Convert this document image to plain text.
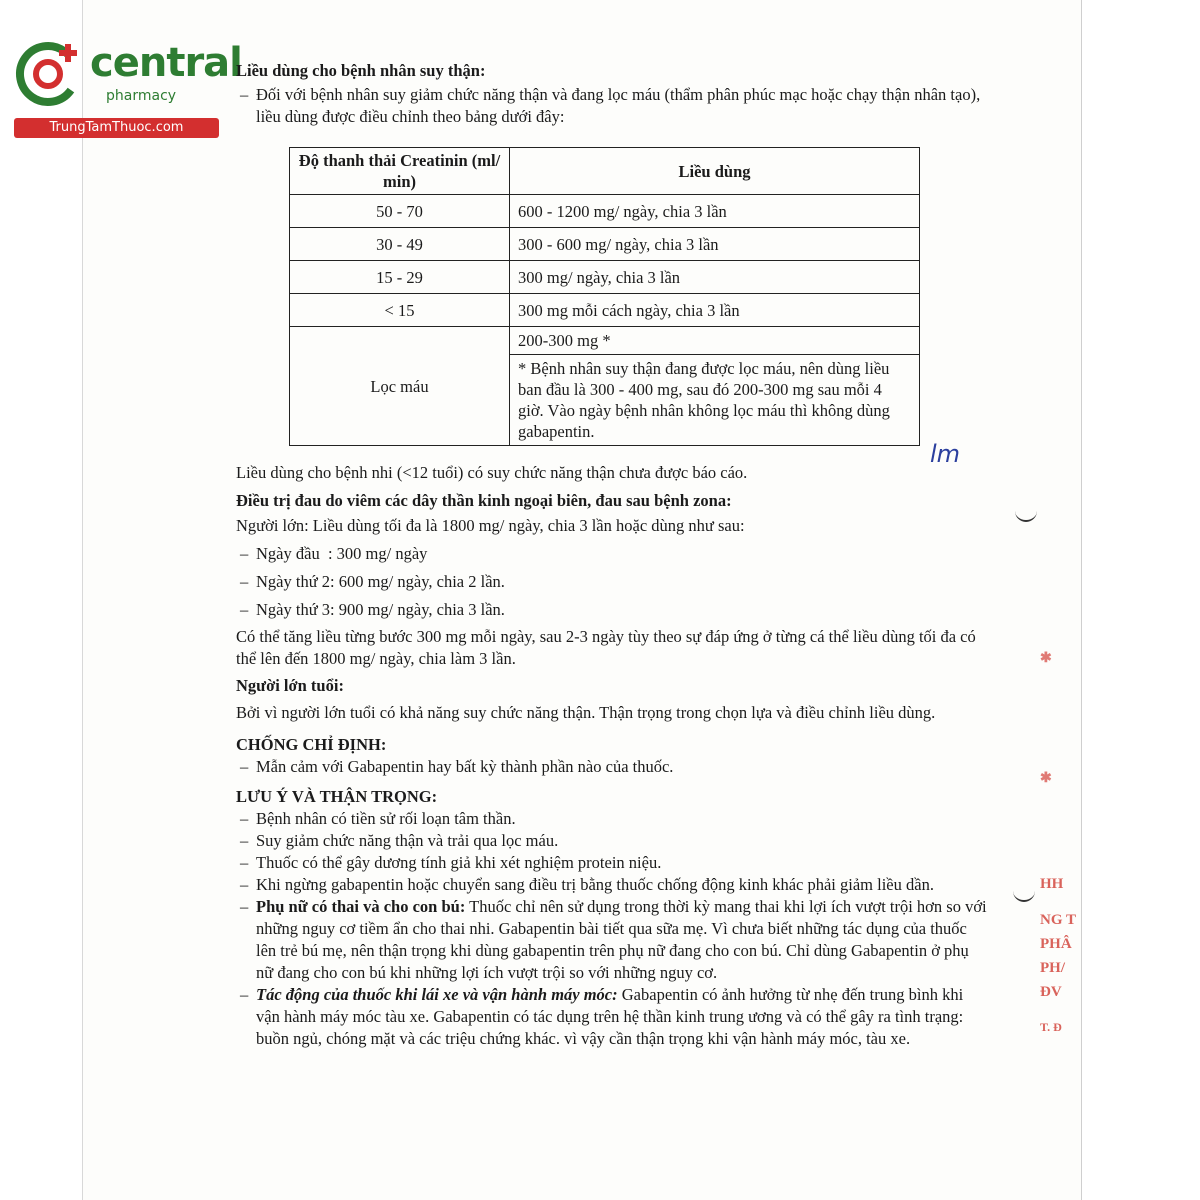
central
pharmacy
TrungTamThuoc.com
Liều dùng cho bệnh nhân suy thận:
– Đối với bệnh nhân suy giảm chức năng thận và đang lọc máu (thẩm phân phúc mạc hoặc chạy thận nhân tạo), liều dùng được điều chỉnh theo bảng dưới đây:
Độ thanh thải Creatinin (ml/ min)	Liều dùng
50 - 70	600 - 1200 mg/ ngày, chia 3 lần
30 - 49	300 - 600 mg/ ngày, chia 3 lần
15 - 29	300 mg/ ngày, chia 3 lần
< 15	300 mg mỗi cách ngày, chia 3 lần
Lọc máu	200-300 mg *
	* Bệnh nhân suy thận đang được lọc máu, nên dùng liều ban đầu là 300 - 400 mg, sau đó 200-300 mg sau mỗi 4 giờ. Vào ngày bệnh nhân không lọc máu thì không dùng gabapentin.
lm
Liều dùng cho bệnh nhi (<12 tuổi) có suy chức năng thận chưa được báo cáo.
Điều trị đau do viêm các dây thần kinh ngoại biên, đau sau bệnh zona:
Người lớn: Liều dùng tối đa là 1800 mg/ ngày, chia 3 lần hoặc dùng như sau:
– Ngày đầu  : 300 mg/ ngày
– Ngày thứ 2: 600 mg/ ngày, chia 2 lần.
– Ngày thứ 3: 900 mg/ ngày, chia 3 lần.
Có thể tăng liều từng bước 300 mg mỗi ngày, sau 2-3 ngày tùy theo sự đáp ứng ở từng cá thể liều dùng tối đa có thể lên đến 1800 mg/ ngày, chia làm 3 lần.
Người lớn tuổi:
Bởi vì người lớn tuổi có khả năng suy chức năng thận. Thận trọng trong chọn lựa và điều chỉnh liều dùng.
CHỐNG CHỈ ĐỊNH:
– Mẫn cảm với Gabapentin hay bất kỳ thành phần nào của thuốc.
LƯU Ý VÀ THẬN TRỌNG:
– Bệnh nhân có tiền sử rối loạn tâm thần.
– Suy giảm chức năng thận và trải qua lọc máu.
– Thuốc có thể gây dương tính giả khi xét nghiệm protein niệu.
– Khi ngừng gabapentin hoặc chuyển sang điều trị bằng thuốc chống động kinh khác phải giảm liều dần.
– Phụ nữ có thai và cho con bú: Thuốc chỉ nên sử dụng trong thời kỳ mang thai khi lợi ích vượt trội hơn so với những nguy cơ tiềm ẩn cho thai nhi. Gabapentin bài tiết qua sữa mẹ. Vì chưa biết những tác dụng của thuốc lên trẻ bú mẹ, nên thận trọng khi dùng gabapentin trên phụ nữ đang cho con bú. Chỉ dùng Gabapentin ở phụ nữ đang cho con bú khi những lợi ích vượt trội so với những nguy cơ.
– Tác động của thuốc khi lái xe và vận hành máy móc: Gabapentin có ảnh hưởng từ nhẹ đến trung bình khi vận hành máy móc tàu xe. Gabapentin có tác dụng trên hệ thần kinh trung ương và có thể gây ra tình trạng: buồn ngủ, chóng mặt và các triệu chứng khác. vì vậy cần thận trọng khi vận hành máy móc, tàu xe.
✱
✱
HH
NG T
PHÂ
PH/
ĐV
T. Đ
